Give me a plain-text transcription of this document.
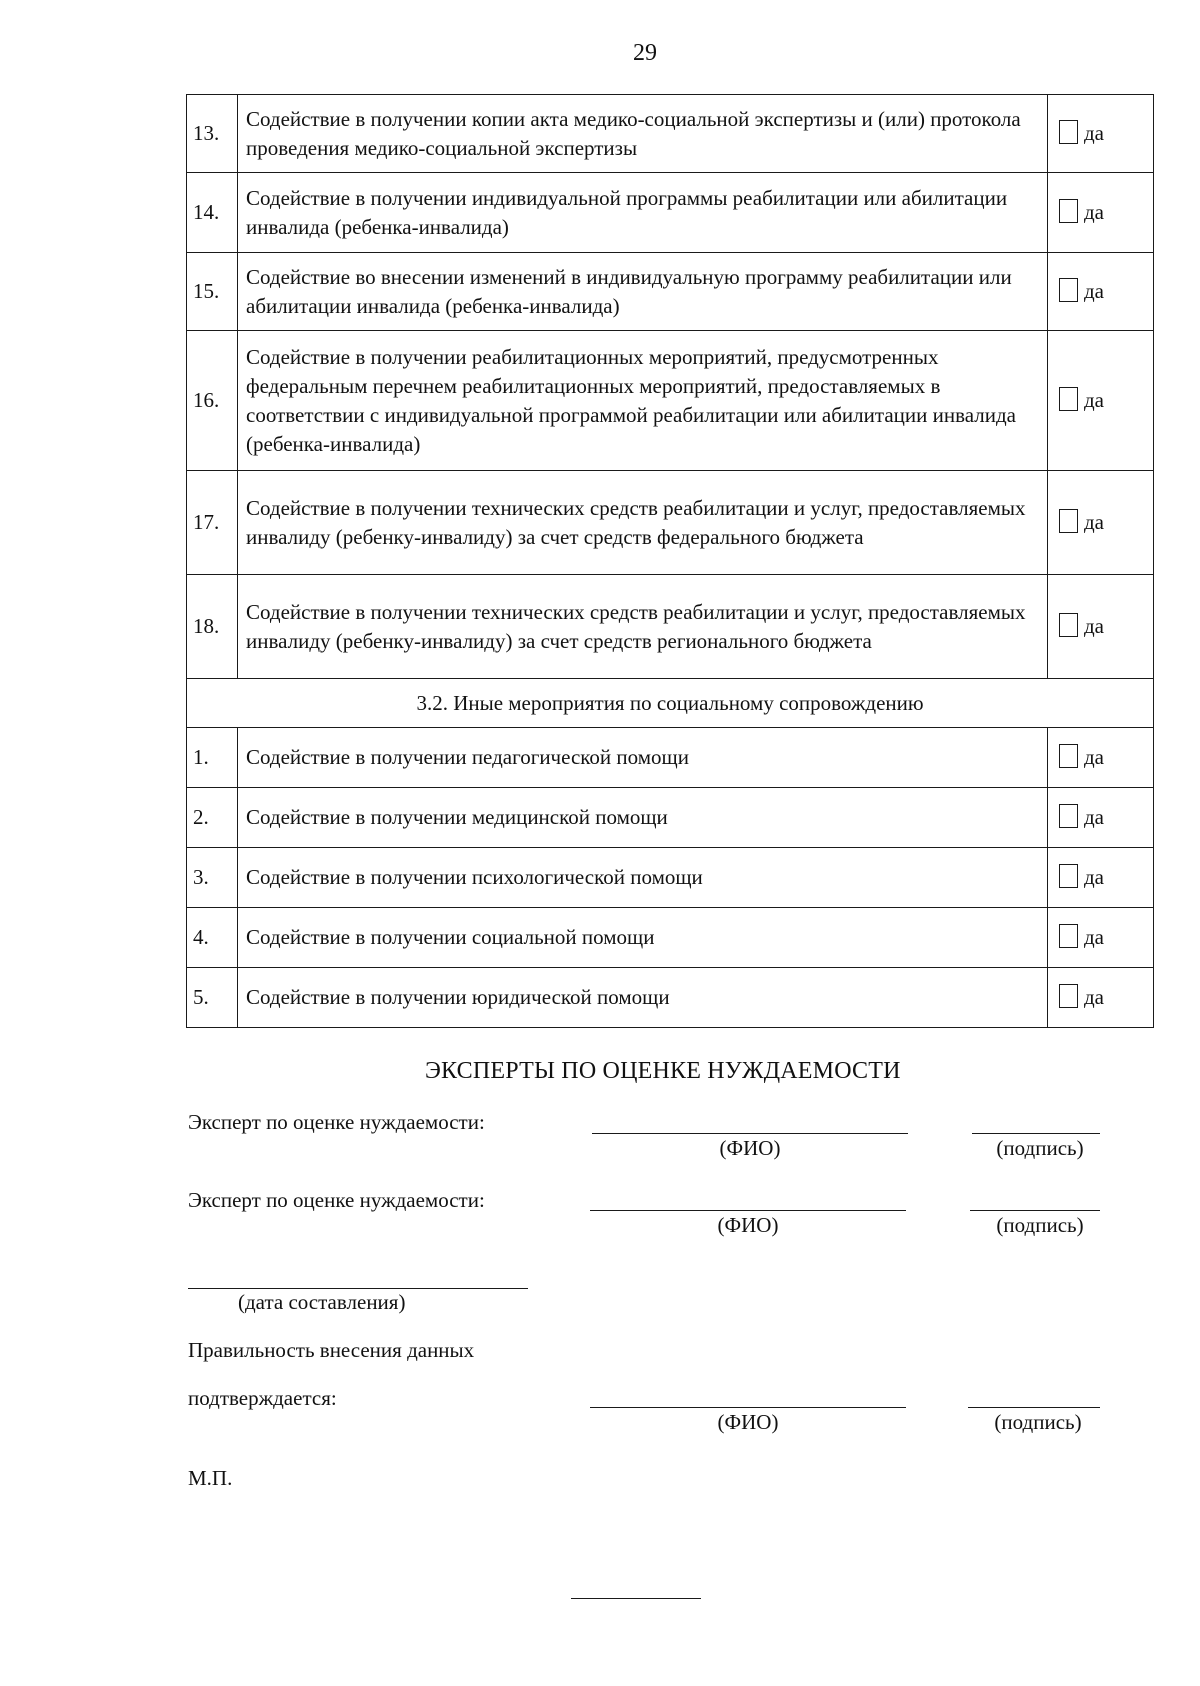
29
13.	Содействие в получении копии акта медико-социальной экспертизы и (или) протокола проведения медико-социальной экспертизы	да
14.	Содействие в получении индивидуальной программы реабилитации или абилитации инвалида (ребенка-инвалида)	да
15.	Содействие во внесении изменений в индивидуальную программу реабилитации или абилитации инвалида (ребенка-инвалида)	да
16.	Содействие в получении реабилитационных мероприятий, предусмотренных федеральным перечнем реабилитационных мероприятий, предоставляемых в соответствии с индивидуальной программой реабилитации или абилитации инвалида (ребенка-инвалида)	да
17.	Содействие в получении технических средств реабилитации и услуг, предоставляемых инвалиду (ребенку-инвалиду) за счет средств федерального бюджета	да
18.	Содействие в получении технических средств реабилитации и услуг, предоставляемых инвалиду (ребенку-инвалиду) за счет средств регионального бюджета	да
3.2. Иные мероприятия по социальному сопровождению		
1.	Содействие в получении педагогической помощи	да
2.	Содействие в получении медицинской помощи	да
3.	Содействие в получении психологической помощи	да
4.	Содействие в получении социальной помощи	да
5.	Содействие в получении юридической помощи	да
ЭКСПЕРТЫ ПО ОЦЕНКЕ НУЖДАЕМОСТИ
Эксперт по оценке нуждаемости:
(ФИО)	(подпись)
Эксперт по оценке нуждаемости:
(ФИО)	(подпись)
(дата составления)
Правильность внесения данных
подтверждается:
(ФИО)	(подпись)
М.П.
